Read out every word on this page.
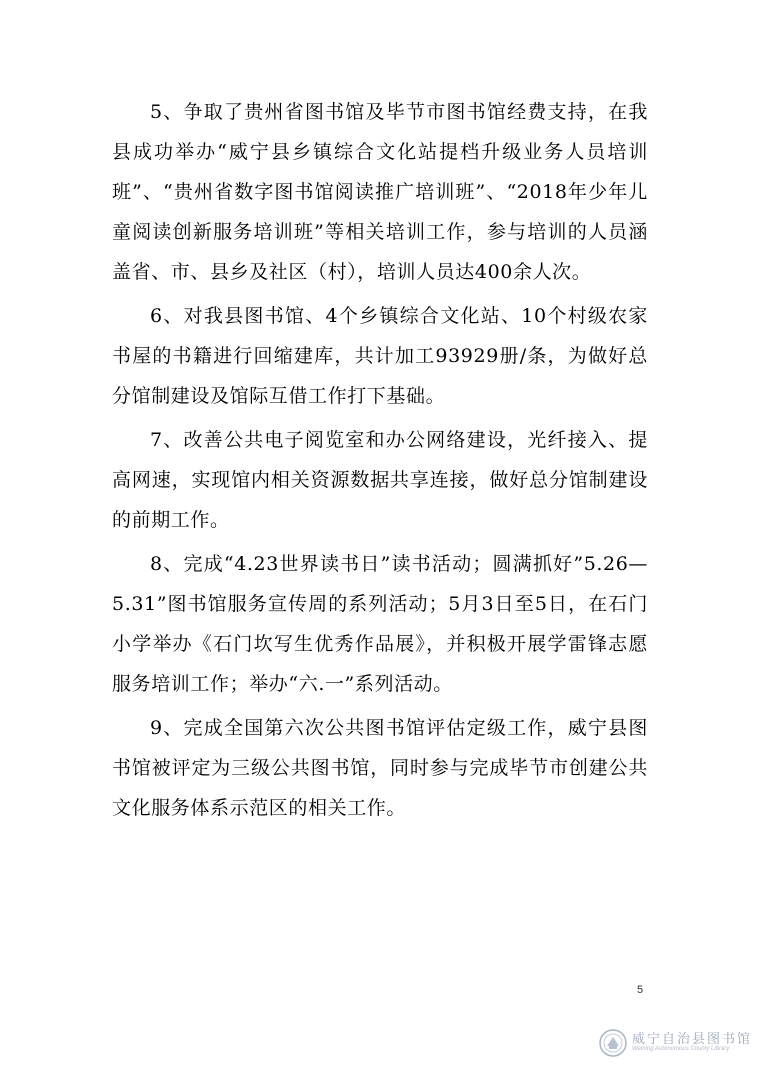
5、争取了贵州省图书馆及毕节市图书馆经费支持，在我县成功举办“威宁县乡镇综合文化站提档升级业务人员培训班”、“贵州省数字图书馆阅读推广培训班”、“2018年少年儿童阅读创新服务培训班”等相关培训工作，参与培训的人员涵盖省、市、县乡及社区（村），培训人员达400余人次。

6、对我县图书馆、4个乡镇综合文化站、10个村级农家书屋的书籍进行回缩建库，共计加工93929册/条，为做好总分馆制建设及馆际互借工作打下基础。

7、改善公共电子阅览室和办公网络建设，光纤接入、提高网速，实现馆内相关资源数据共享连接，做好总分馆制建设的前期工作。

8、完成“4.23世界读书日”读书活动；圆满抓好”5.26—5.31”图书馆服务宣传周的系列活动；5月3日至5日，在石门小学举办《石门坎写生优秀作品展》，并积极开展学雷锋志愿服务培训工作；举办“六.一”系列活动。

9、完成全国第六次公共图书馆评估定级工作，威宁县图书馆被评定为三级公共图书馆，同时参与完成毕节市创建公共文化服务体系示范区的相关工作。

5
威宁自治县图书馆
Weining Autonomous County Library
